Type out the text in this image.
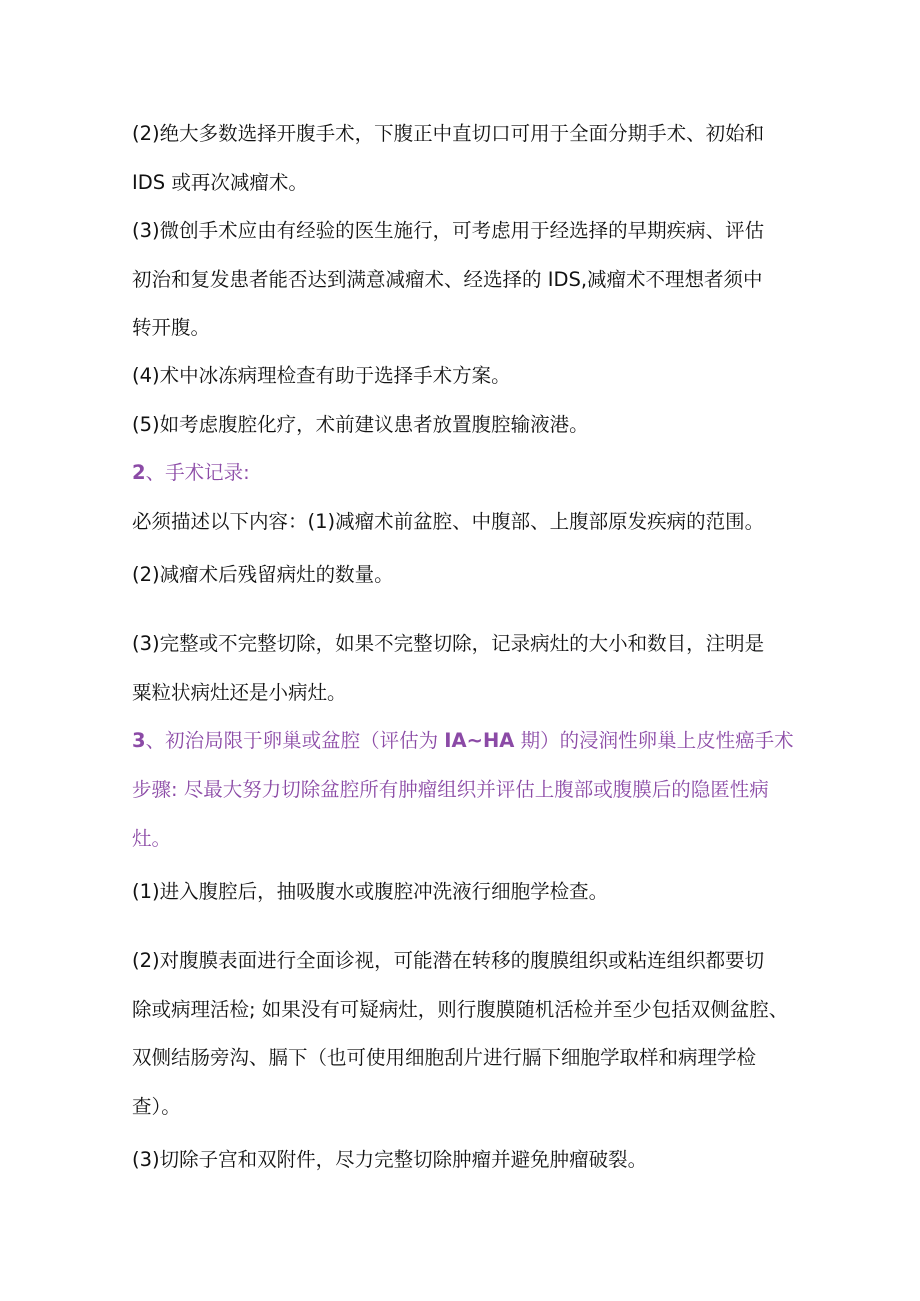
(2)绝大多数选择开腹手术，下腹正中直切口可用于全面分期手术、初始和
IDS 或再次减瘤术。
(3)微创手术应由有经验的医生施行，可考虑用于经选择的早期疾病、评估
初治和复发患者能否达到满意减瘤术、经选择的 IDS,减瘤术不理想者须中
转开腹。
(4)术中冰冻病理检查有助于选择手术方案。
(5)如考虑腹腔化疗，术前建议患者放置腹腔输液港。
2、手术记录:
必须描述以下内容：(1)减瘤术前盆腔、中腹部、上腹部原发疾病的范围。
(2)减瘤术后残留病灶的数量。
(3)完整或不完整切除，如果不完整切除，记录病灶的大小和数目，注明是
粟粒状病灶还是小病灶。
3、初治局限于卵巢或盆腔（评估为 IA~HA 期）的浸润性卵巢上皮性癌手术
步骤: 尽最大努力切除盆腔所有肿瘤组织并评估上腹部或腹膜后的隐匿性病
灶。
(1)进入腹腔后，抽吸腹水或腹腔冲洗液行细胞学检查。
(2)对腹膜表面进行全面诊视，可能潜在转移的腹膜组织或粘连组织都要切
除或病理活检; 如果没有可疑病灶，则行腹膜随机活检并至少包括双侧盆腔、
双侧结肠旁沟、膈下（也可使用细胞刮片进行膈下细胞学取样和病理学检
查）。
(3)切除子宫和双附件，尽力完整切除肿瘤并避免肿瘤破裂。
